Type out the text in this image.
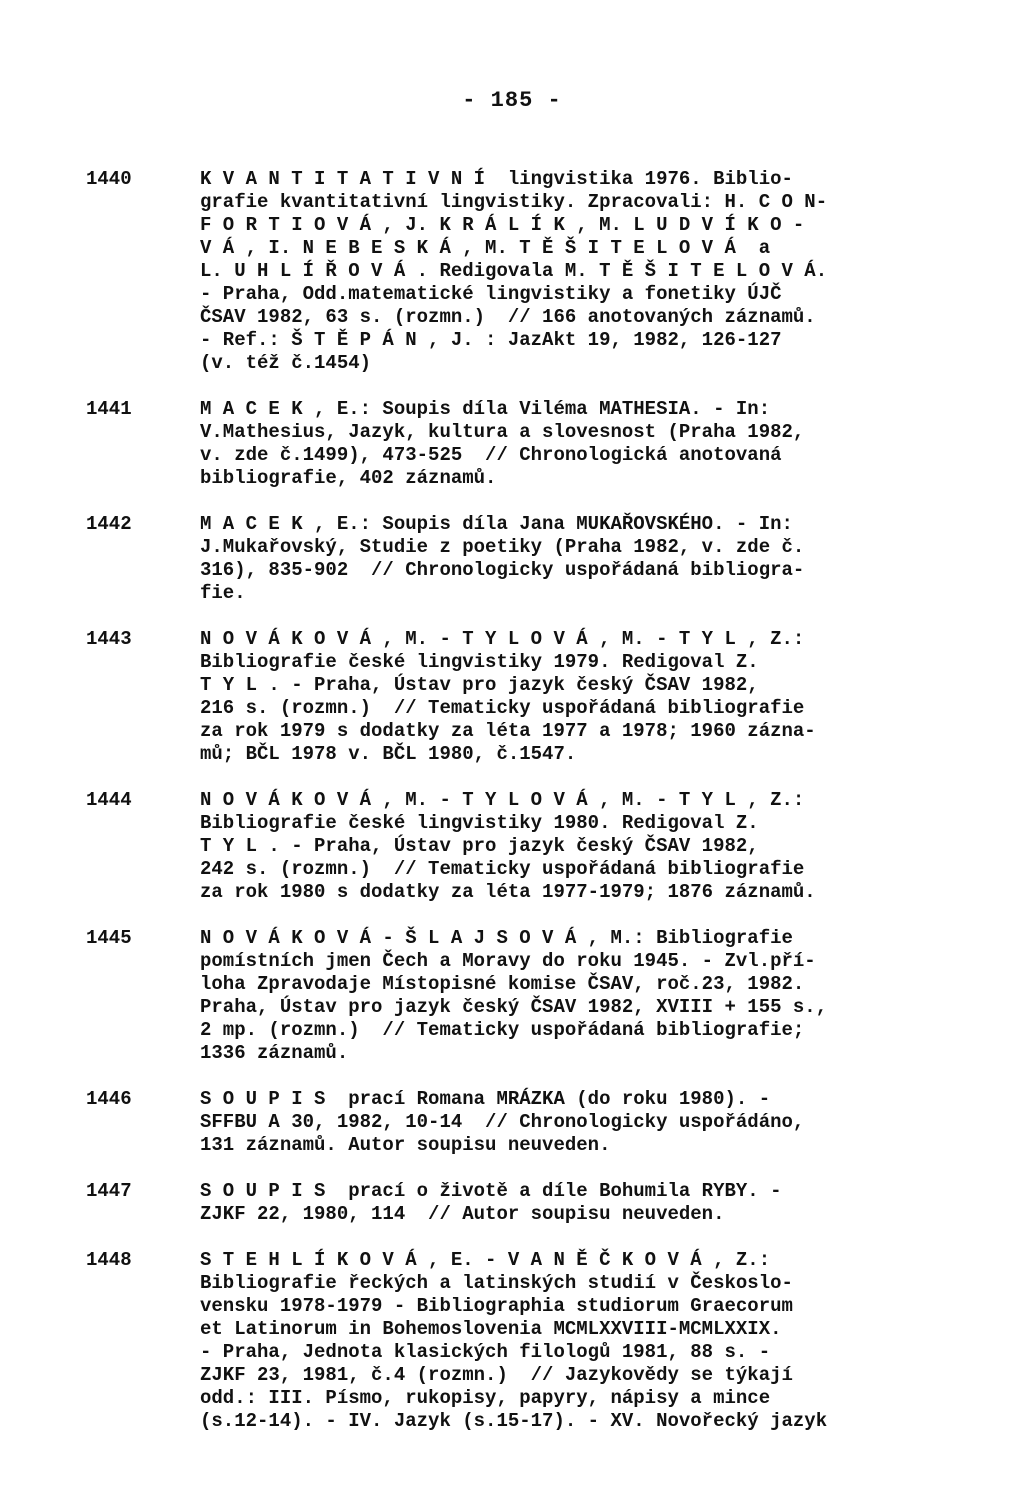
- 185 -
1440	K V A N T I T A T I V N Í  lingvistika 1976. Biblio-
grafie kvantitativní lingvistiky. Zpracovali: H. C O N-
F O R T I O V Á , J. K R Á L Í K , M. L U D V Í K O -
V Á , I. N E B E S K Á , M. T Ě Š I T E L O V Á  a
L. U H L Í Ř O V Á . Redigovala M. T Ě Š I T E L O V Á.
- Praha, Odd.matematické lingvistiky a fonetiky ÚJČ
ČSAV 1982, 63 s. (rozmn.)  // 166 anotovaných záznamů.
- Ref.: Š T Ě P Á N , J. : JazAkt 19, 1982, 126-127
(v. též č.1454)
1441	M A C E K , E.: Soupis díla Viléma MATHESIA. - In:
V.Mathesius, Jazyk, kultura a slovesnost (Praha 1982,
v. zde č.1499), 473-525  // Chronologická anotovaná
bibliografie, 402 záznamů.
1442	M A C E K , E.: Soupis díla Jana MUKAŘOVSKÉHO. - In:
J.Mukařovský, Studie z poetiky (Praha 1982, v. zde č.
316), 835-902  // Chronologicky uspořádaná bibliogra-
fie.
1443	N O V Á K O V Á , M. - T Y L O V Á , M. - T Y L , Z.:
Bibliografie české lingvistiky 1979. Redigoval Z.
T Y L . - Praha, Ústav pro jazyk český ČSAV 1982,
216 s. (rozmn.)  // Tematicky uspořádaná bibliografie
za rok 1979 s dodatky za léta 1977 a 1978; 1960 zázna-
mů; BČL 1978 v. BČL 1980, č.1547.
1444	N O V Á K O V Á , M. - T Y L O V Á , M. - T Y L , Z.:
Bibliografie české lingvistiky 1980. Redigoval Z.
T Y L . - Praha, Ústav pro jazyk český ČSAV 1982,
242 s. (rozmn.)  // Tematicky uspořádaná bibliografie
za rok 1980 s dodatky za léta 1977-1979; 1876 záznamů.
1445	N O V Á K O V Á - Š L A J S O V Á , M.: Bibliografie
pomístních jmen Čech a Moravy do roku 1945. - Zvl.pří-
loha Zpravodaje Místopisné komise ČSAV, roč.23, 1982.
Praha, Ústav pro jazyk český ČSAV 1982, XVIII + 155 s.,
2 mp. (rozmn.)  // Tematicky uspořádaná bibliografie;
1336 záznamů.
1446	S O U P I S  prací Romana MRÁZKA (do roku 1980). -
SFFBU A 30, 1982, 10-14  // Chronologicky uspořádáno,
131 záznamů. Autor soupisu neuveden.
1447	S O U P I S  prací o životě a díle Bohumila RYBY. -
ZJKF 22, 1980, 114  // Autor soupisu neuveden.
1448	S T E H L Í K O V Á , E. - V A N Ě Č K O V Á , Z.:
Bibliografie řeckých a latinských studií v Českoslo-
vensku 1978-1979 - Bibliographia studiorum Graecorum
et Latinorum in Bohemoslovenia MCMLXXVIII-MCMLXXIX.
- Praha, Jednota klasických filologů 1981, 88 s. -
ZJKF 23, 1981, č.4 (rozmn.)  // Jazykovědy se týkají
odd.: III. Písmo, rukopisy, papyry, nápisy a mince
(s.12-14). - IV. Jazyk (s.15-17). - XV. Novořecký jazyk
